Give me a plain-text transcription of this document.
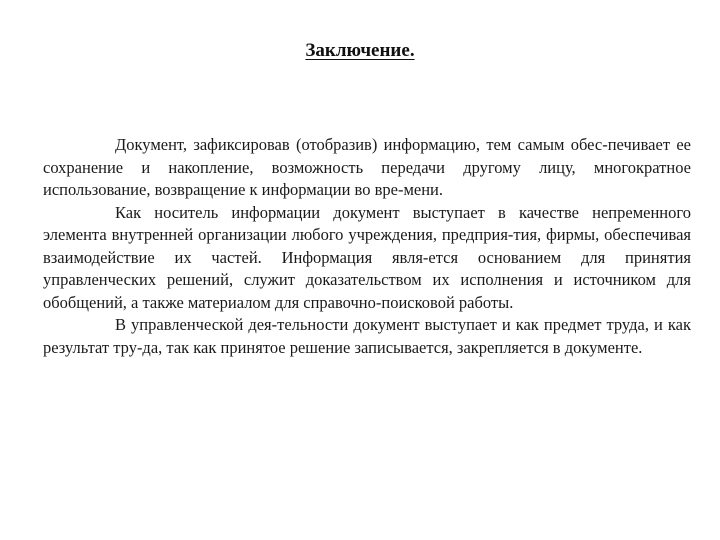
Заключение.

Документ, зафиксировав (отобразив) информацию, тем самым обес-печивает ее сохранение и накопление, возможность передачи другому лицу, многократное использование, возвращение к информации во вре-мени.

Как носитель информации документ выступает в качестве непременного элемента внутренней организации любого учреждения, предприя-тия, фирмы, обеспечивая взаимодействие их частей. Информация явля-ется основанием для принятия управленческих решений, служит доказательством их исполнения и источником для обобщений, а также материалом для справочно-поисковой работы.

В управленческой дея-тельности документ выступает и как предмет труда, и как результат тру-да, так как принятое решение записывается, закрепляется в документе.
